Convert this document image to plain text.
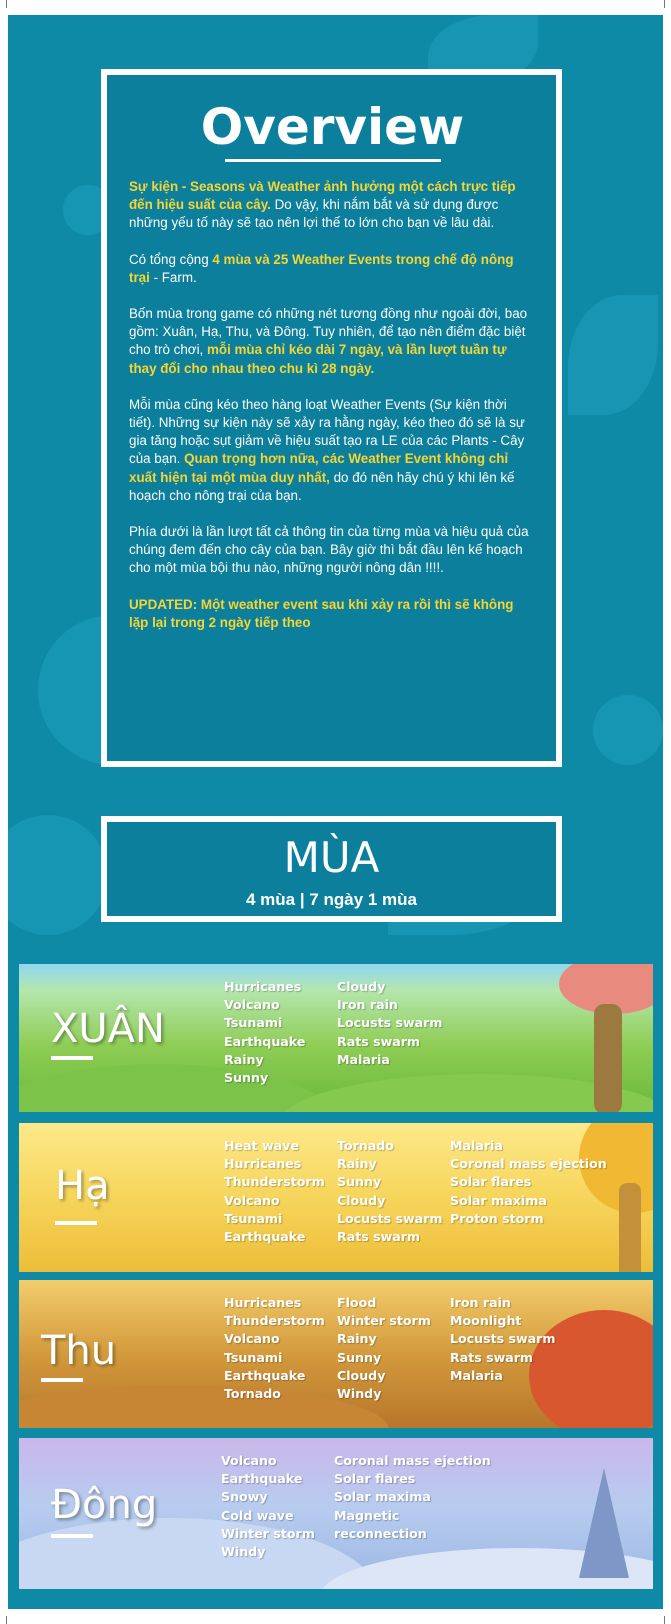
Overview

Sự kiện - Seasons và Weather ảnh hưởng một cách trực tiếp đến hiệu suất của cây. Do vậy, khi nắm bắt và sử dụng được những yếu tố này sẽ tạo nên lợi thế to lớn cho bạn về lâu dài.

Có tổng cộng 4 mùa và 25 Weather Events trong chế độ nông trại - Farm.

Bốn mùa trong game có những nét tương đồng như ngoài đời, bao gồm: Xuân, Hạ, Thu, và Đông. Tuy nhiên, để tạo nên điểm đặc biệt cho trò chơi, mỗi mùa chỉ kéo dài 7 ngày, và lần lượt tuần tự thay đổi cho nhau theo chu kì 28 ngày.

Mỗi mùa cũng kéo theo hàng loạt Weather Events (Sự kiện thời tiết). Những sự kiện này sẽ xảy ra hằng ngày, kéo theo đó sẽ là sự gia tăng hoặc sụt giảm về hiệu suất tạo ra LE của các Plants - Cây của bạn. Quan trọng hơn nữa, các Weather Event không chỉ xuất hiện tại một mùa duy nhất, do đó nên hãy chú ý khi lên kế hoạch cho nông trại của bạn.

Phía dưới là lần lượt tất cả thông tin của từng mùa và hiệu quả của chúng đem đến cho cây của bạn. Bây giờ thì bắt đầu lên kế hoạch cho một mùa bội thu nào, những người nông dân !!!!.

UPDATED: Một weather event sau khi xảy ra rồi thì sẽ không lặp lại trong 2 ngày tiếp theo

MÙA
4 mùa | 7 ngày 1 mùa
XUÂN
Hurricanes
Volcano
Tsunami
Earthquake
Rainy
Sunny
Cloudy
Iron rain
Locusts swarm
Rats swarm
Malaria
Hạ
Heat wave
Hurricanes
Thunderstorm
Volcano
Tsunami
Earthquake
Tornado
Rainy
Sunny
Cloudy
Locusts swarm
Rats swarm
Malaria
Coronal mass ejection
Solar flares
Solar maxima
Proton storm
Thu
Hurricanes
Thunderstorm
Volcano
Tsunami
Earthquake
Tornado
Flood
Winter storm
Rainy
Sunny
Cloudy
Windy
Iron rain
Moonlight
Locusts swarm
Rats swarm
Malaria
Đông
Volcano
Earthquake
Snowy
Cold wave
Winter storm
Windy
Coronal mass ejection
Solar flares
Solar maxima
Magnetic
reconnection
